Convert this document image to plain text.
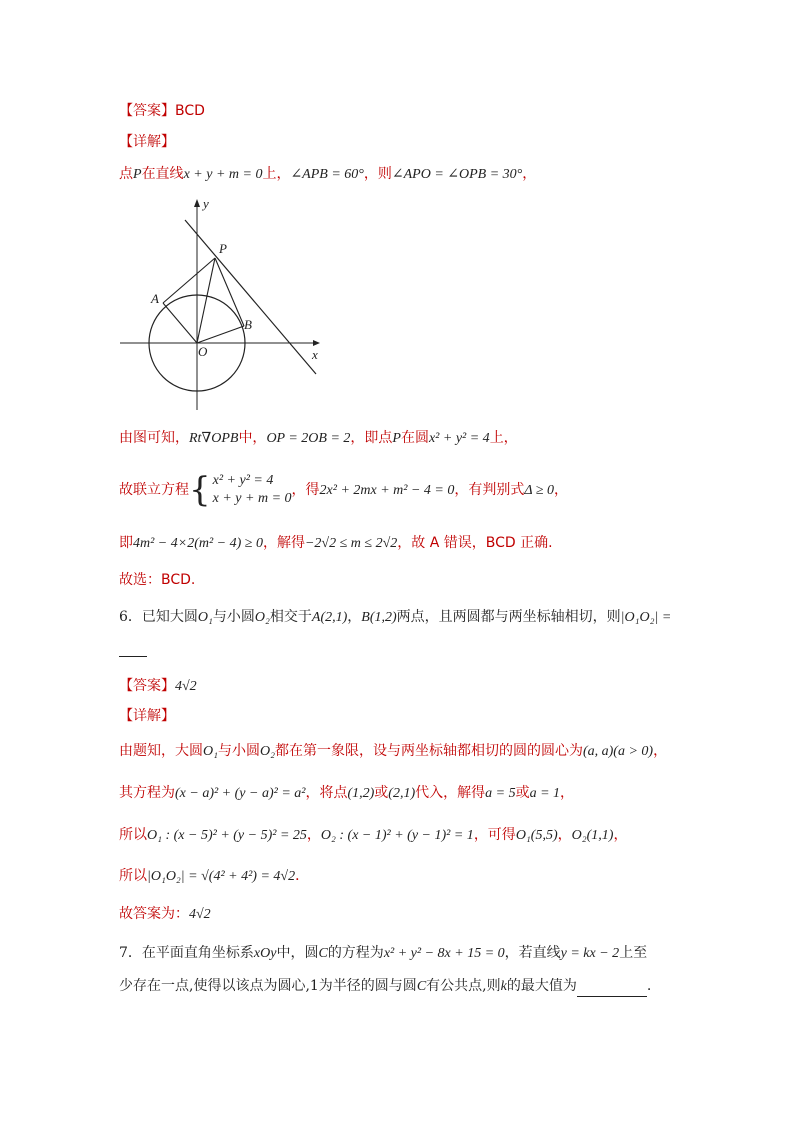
【答案】BCD
【详解】
点P在直线x + y + m = 0上，∠APB = 60°，则∠APO = ∠OPB = 30°，
y
x
P
A
B
O
由图可知，Rt∇OPB中，OP = 2OB = 2，即点P在圆x² + y² = 4上，
故联立方程{ x² + y² = 4
x + y + m = 0
，得2x² + 2mx + m² − 4 = 0，有判别式Δ ≥ 0，
即4m² − 4×2(m² − 4) ≥ 0，解得−2√2 ≤ m ≤ 2√2，故 A 错误，BCD 正确.
故选：BCD.
6．已知大圆O₁与小圆O₂相交于A(2,1)，B(1,2)两点，且两圆都与两坐标轴相切，则|O₁O₂| =
【答案】4√2
【详解】
由题知，大圆O₁与小圆O₂都在第一象限，设与两坐标轴都相切的圆的圆心为(a, a)(a > 0)，
其方程为(x − a)² + (y − a)² = a²，将点(1,2)或(2,1)代入，解得a = 5或a = 1，
所以O₁ : (x − 5)² + (y − 5)² = 25，O₂ : (x − 1)² + (y − 1)² = 1，可得O₁(5,5)，O₂(1,1)，
所以|O₁O₂| = √(4² + 4²) = 4√2．
故答案为：4√2
7．在平面直角坐标系xOy中，圆C的方程为x² + y² − 8x + 15 = 0，若直线y = kx − 2上至
少存在一点,使得以该点为圆心,1为半径的圆与圆C有公共点,则k的最大值为	.
